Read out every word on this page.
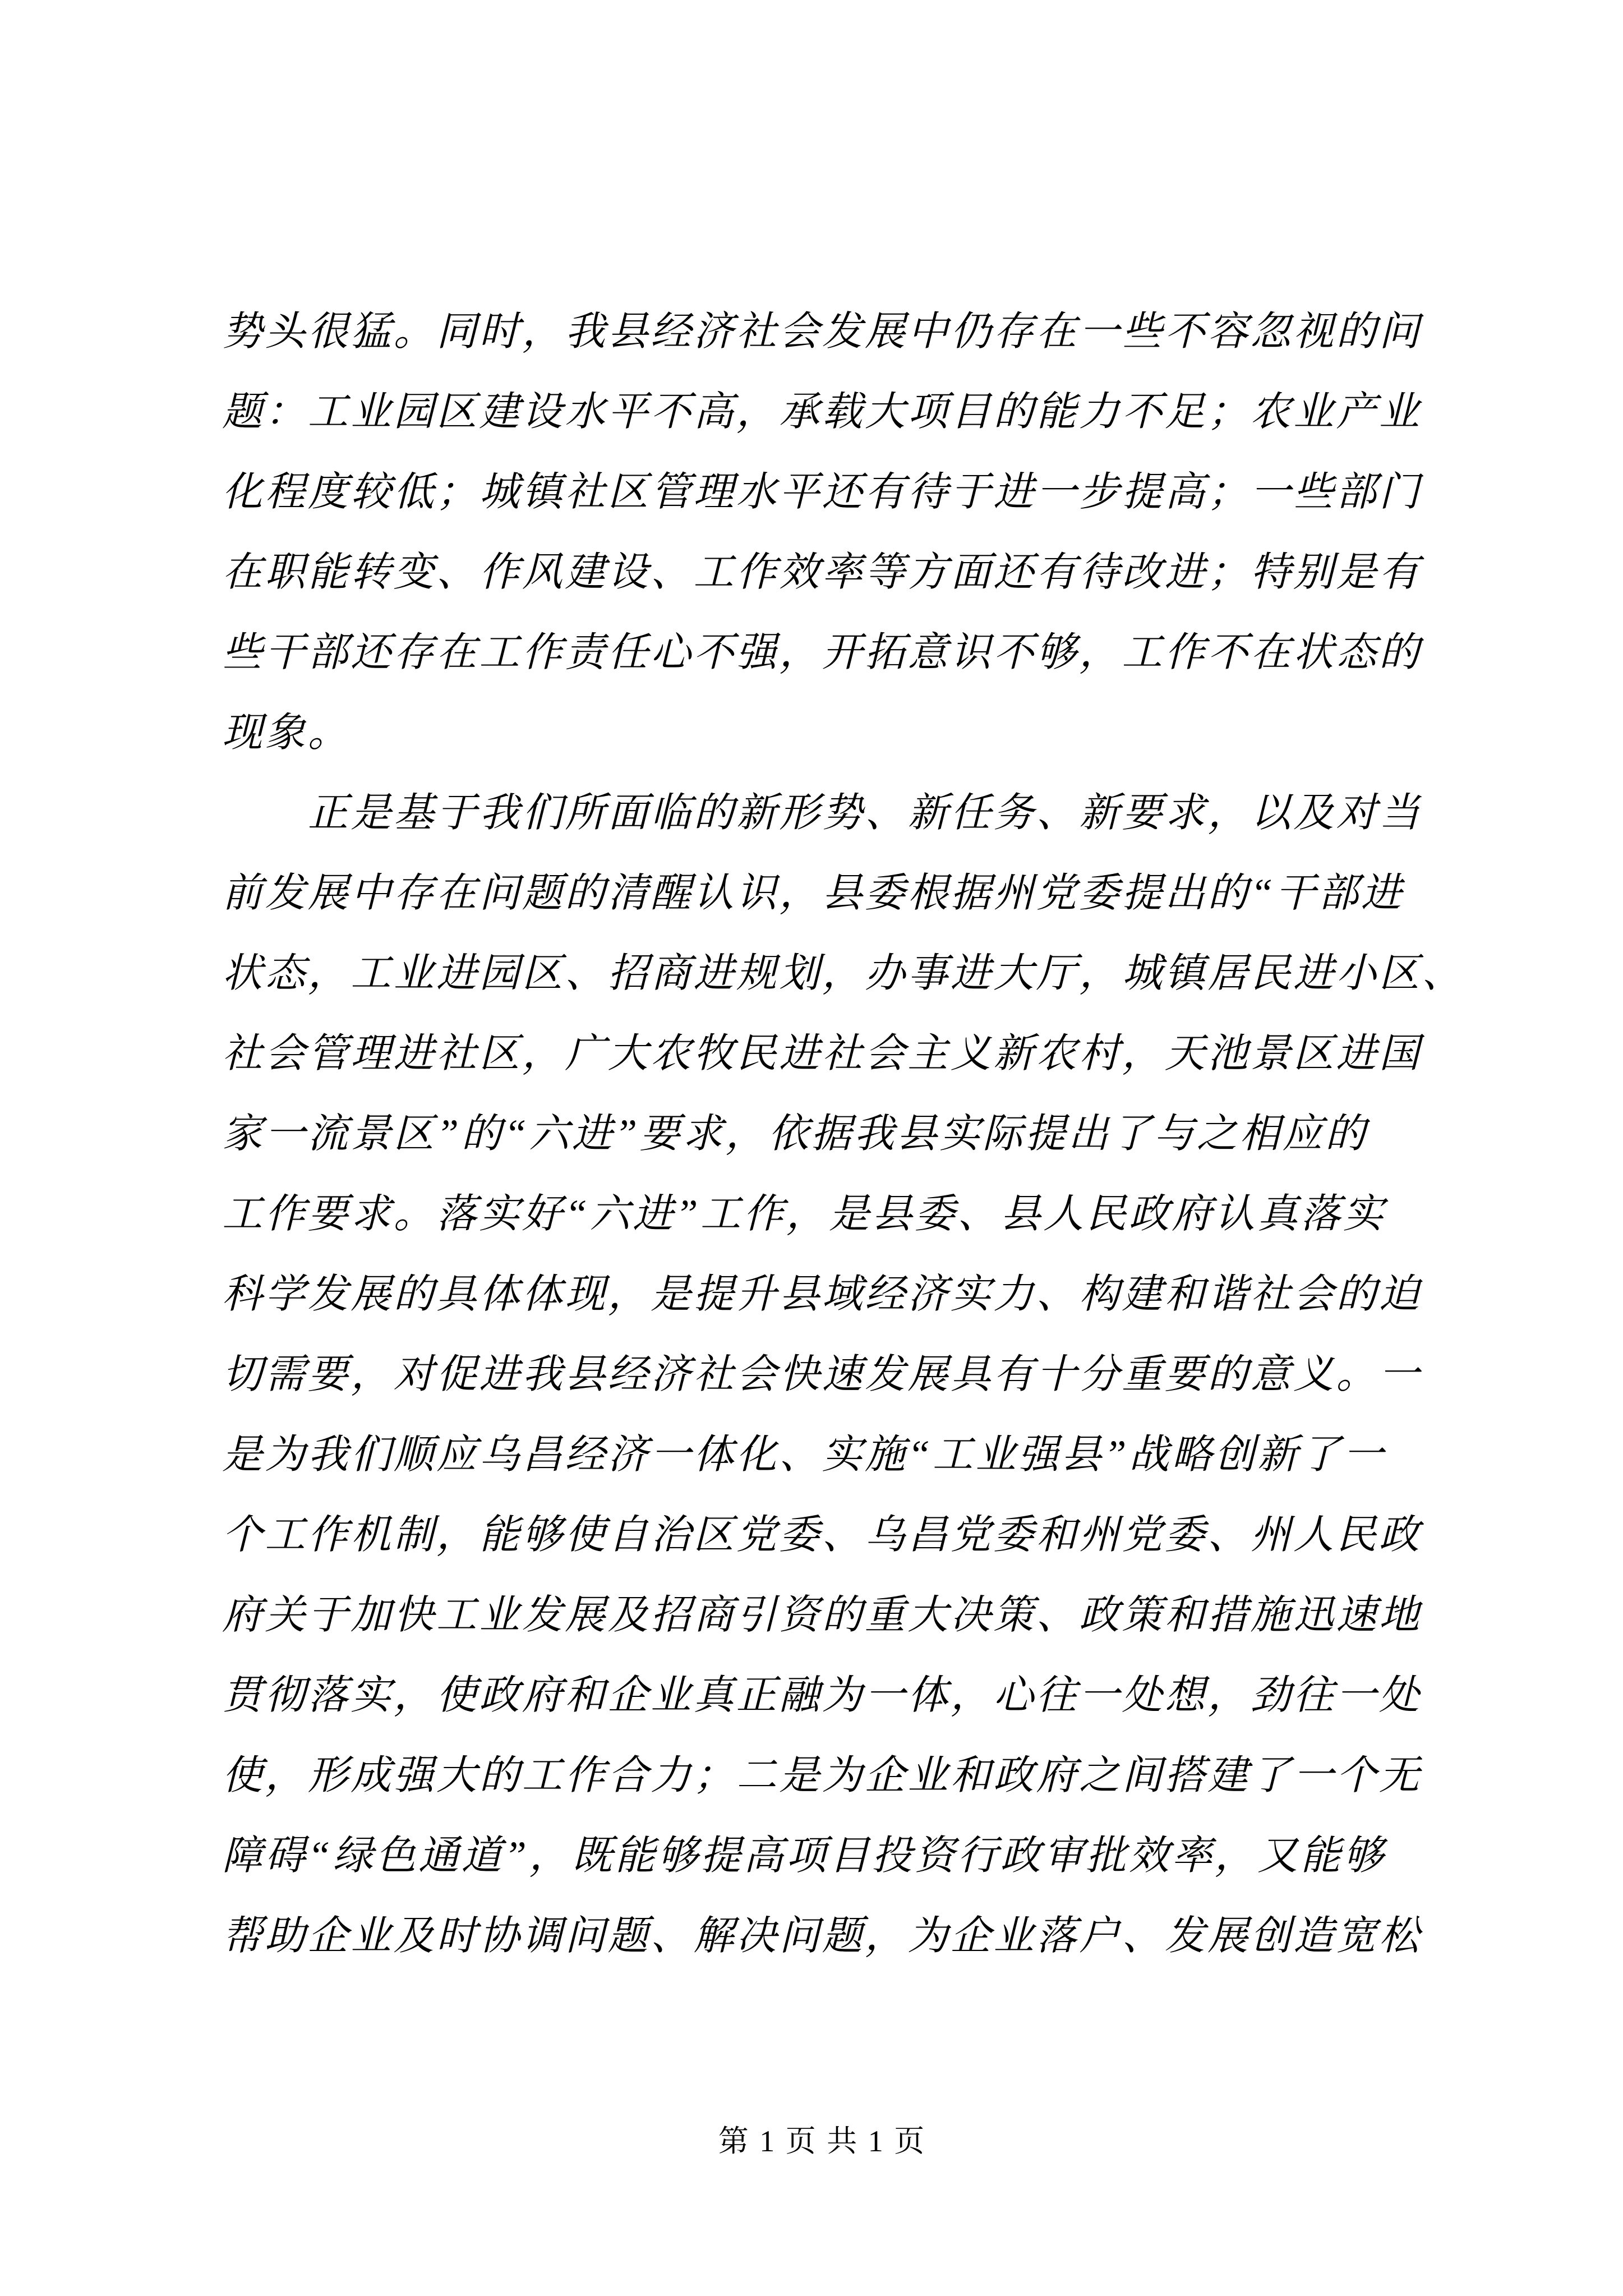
势头很猛。同时，我县经济社会发展中仍存在一些不容忽视的问
题：工业园区建设水平不高，承载大项目的能力不足；农业产业
化程度较低；城镇社区管理水平还有待于进一步提高；一些部门
在职能转变、作风建设、工作效率等方面还有待改进；特别是有
些干部还存在工作责任心不强，开拓意识不够，工作不在状态的
现象。
正是基于我们所面临的新形势、新任务、新要求，以及对当
前发展中存在问题的清醒认识，县委根据州党委提出的“干部进
状态，工业进园区、招商进规划，办事进大厅，城镇居民进小区、
社会管理进社区，广大农牧民进社会主义新农村，天池景区进国
家一流景区”的“六进”要求，依据我县实际提出了与之相应的
工作要求。落实好“六进”工作，是县委、县人民政府认真落实
科学发展的具体体现，是提升县域经济实力、构建和谐社会的迫
切需要，对促进我县经济社会快速发展具有十分重要的意义。一
是为我们顺应乌昌经济一体化、实施“工业强县”战略创新了一
个工作机制，能够使自治区党委、乌昌党委和州党委、州人民政
府关于加快工业发展及招商引资的重大决策、政策和措施迅速地
贯彻落实，使政府和企业真正融为一体，心往一处想，劲往一处
使，形成强大的工作合力；二是为企业和政府之间搭建了一个无
障碍“绿色通道”，既能够提高项目投资行政审批效率，又能够
帮助企业及时协调问题、解决问题，为企业落户、发展创造宽松
第 1 页 共 1 页
